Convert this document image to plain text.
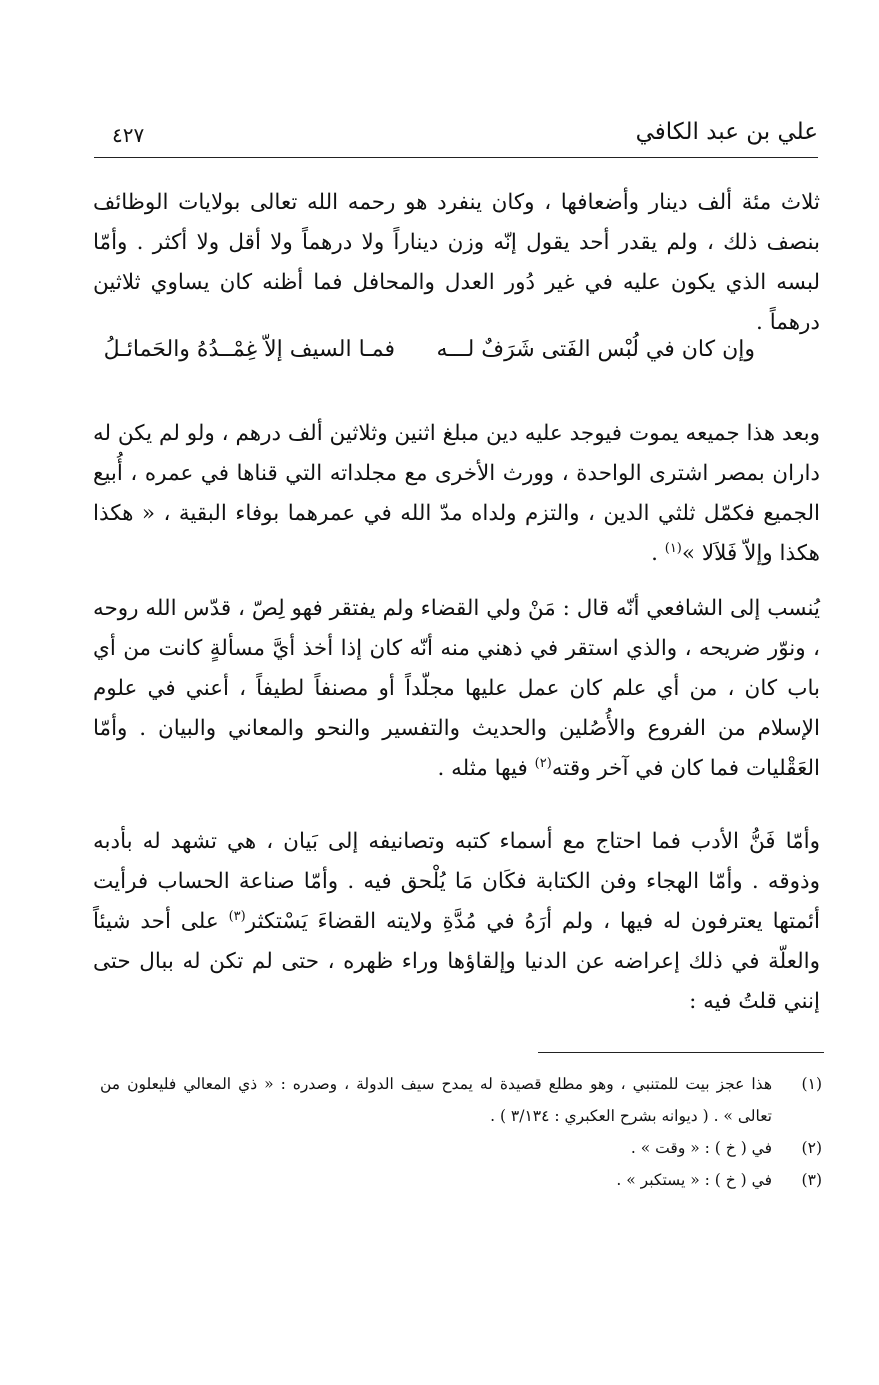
علي بن عبد الكافي
٤٢٧

ثلاث مئة ألف دينار وأضعافها ، وكان ينفرد هو رحمه الله تعالى بولايات الوظائف بنصف ذلك ، ولم يقدر أحد يقول إنّه وزن ديناراً ولا درهماً ولا أقل ولا أكثر . وأمّا لبسه الذي يكون عليه في غير دُور العدل والمحافل فما أظنه كان يساوي ثلاثين درهماً .

وإن كان في لُبْس الفَتى شَرَفٌ لـــه
فمـا السيف إلاّ غِمْــدُهُ والحَمائـلُ

وبعد هذا جميعه يموت فيوجد عليه دين مبلغ اثنين وثلاثين ألف درهم ، ولو لم يكن له داران بمصر اشترى الواحدة ، وورث الأخرى مع مجلداته التي قناها في عمره ، أُبيع الجميع فكمّل ثلثي الدين ، والتزم ولداه مدّ الله في عمرهما بوفاء البقية ، « هكذا هكذا وإلاّ فَلاَلا »$^{(١)}$ .

يُنسب إلى الشافعي أنّه قال : مَنْ ولي القضاء ولم يفتقر فهو لِصّ ، قدّس الله روحه ، ونوّر ضريحه ، والذي استقر في ذهني منه أنّه كان إذا أخذ أيَّ مسألةٍ كانت من أي باب كان ، من أي علم كان عمل عليها مجلّداً أو مصنفاً لطيفاً ، أعني في علوم الإسلام من الفروع والأُصُلين والحديث والتفسير والنحو والمعاني والبيان . وأمّا العَقْليات فما كان في آخر وقته$^{(٢)}$ فيها مثله .

وأمّا فَنُّ الأدب فما احتاج مع أسماء كتبه وتصانيفه إلى بَيان ، هي تشهد له بأدبه وذوقه . وأمّا الهجاء وفن الكتابة فكَان مَا يُلْحق فيه . وأمّا صناعة الحساب فرأيت أئمتها يعترفون له فيها ، ولم أرَهُ في مُدَّةِ ولايته القضاءَ يَسْتكثر$^{(٣)}$ على أحد شيئاً والعلّة في ذلك إعراضه عن الدنيا وإلقاؤها وراء ظهره ، حتى لم تكن له ببال حتى إنني قلتُ فيه :

(١)
هذا عجز بيت للمتنبي ، وهو مطلع قصيدة له يمدح سيف الدولة ، وصدره : « ذي المعالي فليعلون من تعالى » . ( ديوانه بشرح العكبري : ٣/١٣٤ ) .
(٢)
في ( خ ) : « وقت » .
(٣)
في ( خ ) : « يستكبر » .
